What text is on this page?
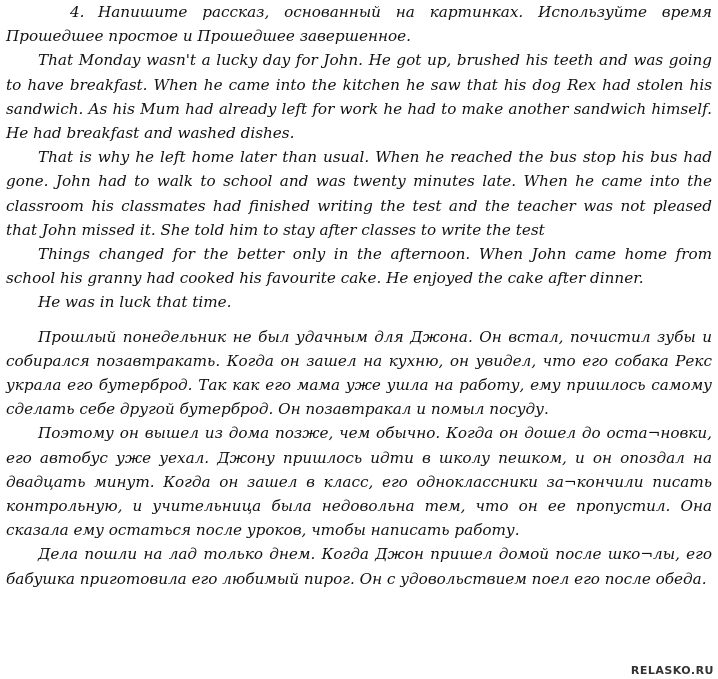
4. Напишите рассказ, основанный на картинках. Используйте время Прошедшее простое и Прошедшее завершенное.

That Monday wasn't a lucky day for John. He got up, brushed his teeth and was going to have breakfast. When he came into the kitchen he saw that his dog Rex had stolen his sandwich. As his Mum had already left for work he had to make another sandwich himself. He had breakfast and washed dishes.

That is why he left home later than usual. When he reached the bus stop his bus had gone. John had to walk to school and was twenty minutes late. When he came into the classroom his classmates had finished writing the test and the teacher was not pleased that John missed it. She told him to stay after classes to write the test

Things changed for the better only in the afternoon. When John came home from school his granny had cooked his favourite cake. He enjoyed the cake after dinner.

He was in luck that time.

Прошлый понедельник не был удачным для Джона. Он встал, почистил зубы и собирался позавтракать. Когда он зашел на кухню, он увидел, что его собака Рекс украла его бутерброд. Так как его мама уже ушла на работу, ему пришлось самому сделать себе другой бутерброд. Он позавтракал и помыл посуду.

Поэтому он вышел из дома позже, чем обычно. Когда он дошел до оста¬новки, его автобус уже уехал. Джону пришлось идти в школу пешком, и он опоздал на двадцать минут. Когда он зашел в класс, его одноклассники за¬кончили писать контрольную, и учительница была недовольна тем, что он ее пропустил. Она сказала ему остаться после уроков, чтобы написать работу.

Дела пошли на лад только днем. Когда Джон пришел домой после шко¬лы, его бабушка приготовила его любимый пирог. Он с удовольствием поел его после обеда.

RELASKO.RU
